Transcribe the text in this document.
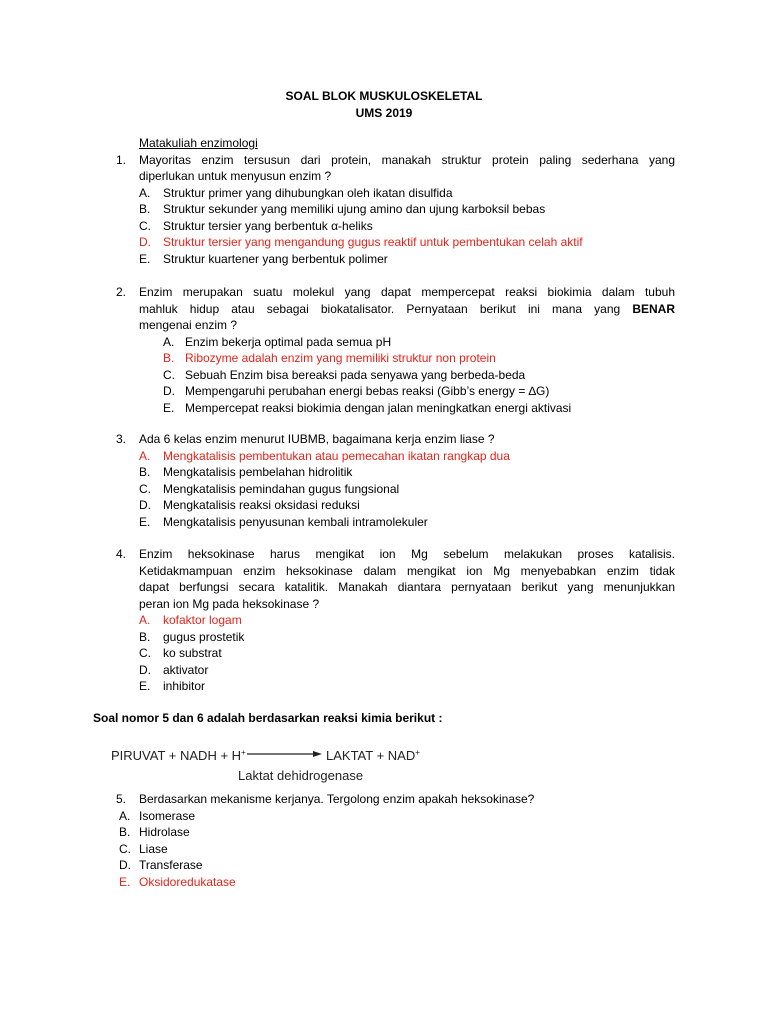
SOAL BLOK MUSKULOSKELETAL
UMS 2019
Matakuliah enzimologi
1. Mayoritas enzim tersusun dari protein, manakah struktur protein paling sederhana yang
diperlukan untuk menyusun enzim ?
A. Struktur primer yang dihubungkan oleh ikatan disulfida
B. Struktur sekunder yang memiliki ujung amino dan ujung karboksil bebas
C. Struktur tersier yang berbentuk α-heliks
D. Struktur tersier yang mengandung gugus reaktif untuk pembentukan celah aktif
E. Struktur kuartener yang berbentuk polimer
2. Enzim merupakan suatu molekul yang dapat mempercepat reaksi biokimia dalam tubuh
mahluk hidup atau sebagai biokatalisator. Pernyataan berikut ini mana yang BENAR
mengenai enzim ?
A. Enzim bekerja optimal pada semua pH
B. Ribozyme adalah enzim yang memiliki struktur non protein
C. Sebuah Enzim bisa bereaksi pada senyawa yang berbeda-beda
D. Mempengaruhi perubahan energi bebas reaksi (Gibb’s energy = ∆G)
E. Mempercepat reaksi biokimia dengan jalan meningkatkan energi aktivasi
3. Ada 6 kelas enzim menurut IUBMB, bagaimana kerja enzim liase ?
A. Mengkatalisis pembentukan atau pemecahan ikatan rangkap dua
B. Mengkatalisis pembelahan hidrolitik
C. Mengkatalisis pemindahan gugus fungsional
D. Mengkatalisis reaksi oksidasi reduksi
E. Mengkatalisis penyusunan kembali intramolekuler
4. Enzim heksokinase harus mengikat ion Mg sebelum melakukan proses katalisis.
Ketidakmampuan enzim heksokinase dalam mengikat ion Mg menyebabkan enzim tidak
dapat berfungsi secara katalitik. Manakah diantara pernyataan berikut yang menunjukkan
peran ion Mg pada heksokinase ?
A. kofaktor logam
B. gugus prostetik
C. ko substrat
D. aktivator
E. inhibitor
Soal nomor 5 dan 6 adalah berdasarkan reaksi kimia berikut :
PIRUVAT + NADH + H+	LAKTAT + NAD+
Laktat dehidrogenase
5. Berdasarkan mekanisme kerjanya. Tergolong enzim apakah heksokinase?
A. Isomerase
B. Hidrolase
C. Liase
D. Transferase
E. Oksidoredukatase
